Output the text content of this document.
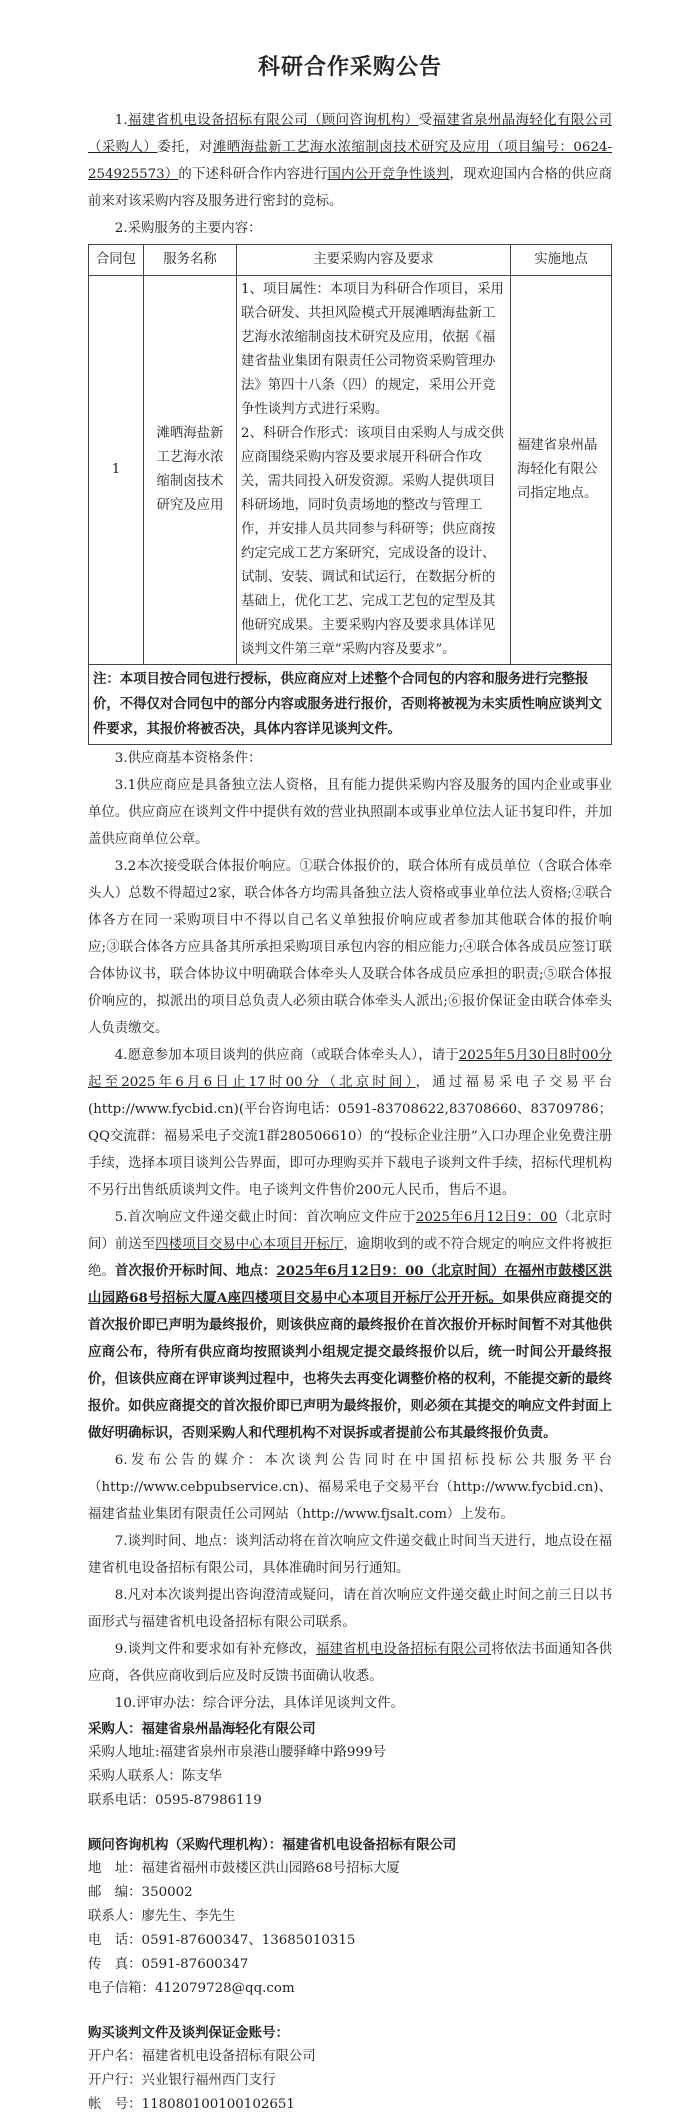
科研合作采购公告

1.福建省机电设备招标有限公司（顾问咨询机构）受福建省泉州晶海轻化有限公司（采购人）委托，对滩晒海盐新工艺海水浓缩制卤技术研究及应用（项目编号：0624-254925573）的下述科研合作内容进行国内公开竞争性谈判，现欢迎国内合格的供应商前来对该采购内容及服务进行密封的竞标。

2.采购服务的主要内容：

合同包	服务名称	主要采购内容及要求	实施地点
1	滩晒海盐新工艺海水浓缩制卤技术研究及应用	1、项目属性：本项目为科研合作项目，采用联合研发、共担风险模式开展滩晒海盐新工艺海水浓缩制卤技术研究及应用，依据《福建省盐业集团有限责任公司物资采购管理办法》第四十八条（四）的规定，采用公开竞争性谈判方式进行采购。
2、科研合作形式：该项目由采购人与成交供应商围绕采购内容及要求展开科研合作攻关，需共同投入研发资源。采购人提供项目科研场地，同时负责场地的整改与管理工作，并安排人员共同参与科研等；供应商按约定完成工艺方案研究，完成设备的设计、试制、安装、调试和试运行，在数据分析的基础上，优化工艺、完成工艺包的定型及其他研究成果。主要采购内容及要求具体详见谈判文件第三章“采购内容及要求”。	福建省泉州晶海轻化有限公司指定地点。
注：本项目按合同包进行授标，供应商应对上述整个合同包的内容和服务进行完整报价，不得仅对合同包中的部分内容或服务进行报价，否则将被视为未实质性响应谈判文件要求，其报价将被否决，具体内容详见谈判文件。			

3.供应商基本资格条件：

3.1供应商应是具备独立法人资格，且有能力提供采购内容及服务的国内企业或事业单位。供应商应在谈判文件中提供有效的营业执照副本或事业单位法人证书复印件，并加盖供应商单位公章。

3.2本次接受联合体报价响应。①联合体报价的，联合体所有成员单位（含联合体牵头人）总数不得超过2家，联合体各方均需具备独立法人资格或事业单位法人资格;②联合体各方在同一采购项目中不得以自己名义单独报价响应或者参加其他联合体的报价响应;③联合体各方应具备其所承担采购项目承包内容的相应能力;④联合体各成员应签订联合体协议书，联合体协议中明确联合体牵头人及联合体各成员应承担的职责;⑤联合体报价响应的，拟派出的项目总负责人必须由联合体牵头人派出;⑥报价保证金由联合体牵头人负责缴交。

4.愿意参加本项目谈判的供应商（或联合体牵头人），请于2025年5月30日8时00分起至2025年6月6日止17时00分（北京时间），通过福易采电子交易平台(http://www.fycbid.cn)(平台咨询电话：0591-83708622,83708660、83709786；QQ交流群：福易采电子交流1群280506610）的“投标企业注册”入口办理企业免费注册手续，选择本项目谈判公告界面，即可办理购买并下载电子谈判文件手续，招标代理机构不另行出售纸质谈判文件。电子谈判文件售价200元人民币，售后不退。

5.首次响应文件递交截止时间：首次响应文件应于2025年6月12日9：00（北京时间）前送至四楼项目交易中心本项目开标厅，逾期收到的或不符合规定的响应文件将被拒绝。首次报价开标时间、地点：2025年6月12日9：00（北京时间）在福州市鼓楼区洪山园路68号招标大厦A座四楼项目交易中心本项目开标厅公开开标。如果供应商提交的首次报价即已声明为最终报价，则该供应商的最终报价在首次报价开标时间暂不对其他供应商公布，待所有供应商均按照谈判小组规定提交最终报价以后，统一时间公开最终报价，但该供应商在评审谈判过程中，也将失去再变化调整价格的权利，不能提交新的最终报价。如供应商提交的首次报价即已声明为最终报价，则必须在其提交的响应文件封面上做好明确标识，否则采购人和代理机构不对误拆或者提前公布其最终报价负责。

6.发布公告的媒介：本次谈判公告同时在中国招标投标公共服务平台（http://www.cebpubservice.cn)、福易采电子交易平台（http://www.fycbid.cn)、福建省盐业集团有限责任公司网站（http://www.fjsalt.com）上发布。

7.谈判时间、地点：谈判活动将在首次响应文件递交截止时间当天进行，地点设在福建省机电设备招标有限公司，具体准确时间另行通知。

8.凡对本次谈判提出咨询澄清或疑问，请在首次响应文件递交截止时间之前三日以书面形式与福建省机电设备招标有限公司联系。

9.谈判文件和要求如有补充修改，福建省机电设备招标有限公司将依法书面通知各供应商，各供应商收到后应及时反馈书面确认收悉。

10.评审办法：综合评分法，具体详见谈判文件。

采购人：福建省泉州晶海轻化有限公司

采购人地址:福建省泉州市泉港山腰驿峰中路999号

采购人联系人：陈支华

联系电话：0595-87986119

顾问咨询机构（采购代理机构）：福建省机电设备招标有限公司

地　址：福建省福州市鼓楼区洪山园路68号招标大厦

邮　编：350002

联系人：廖先生、李先生

电　话：0591-87600347、13685010315

传　真：0591-87600347

电子信箱：412079728@qq.com

购买谈判文件及谈判保证金账号：

开户名：福建省机电设备招标有限公司

开户行：兴业银行福州西门支行

帐　号：118080100100102651
